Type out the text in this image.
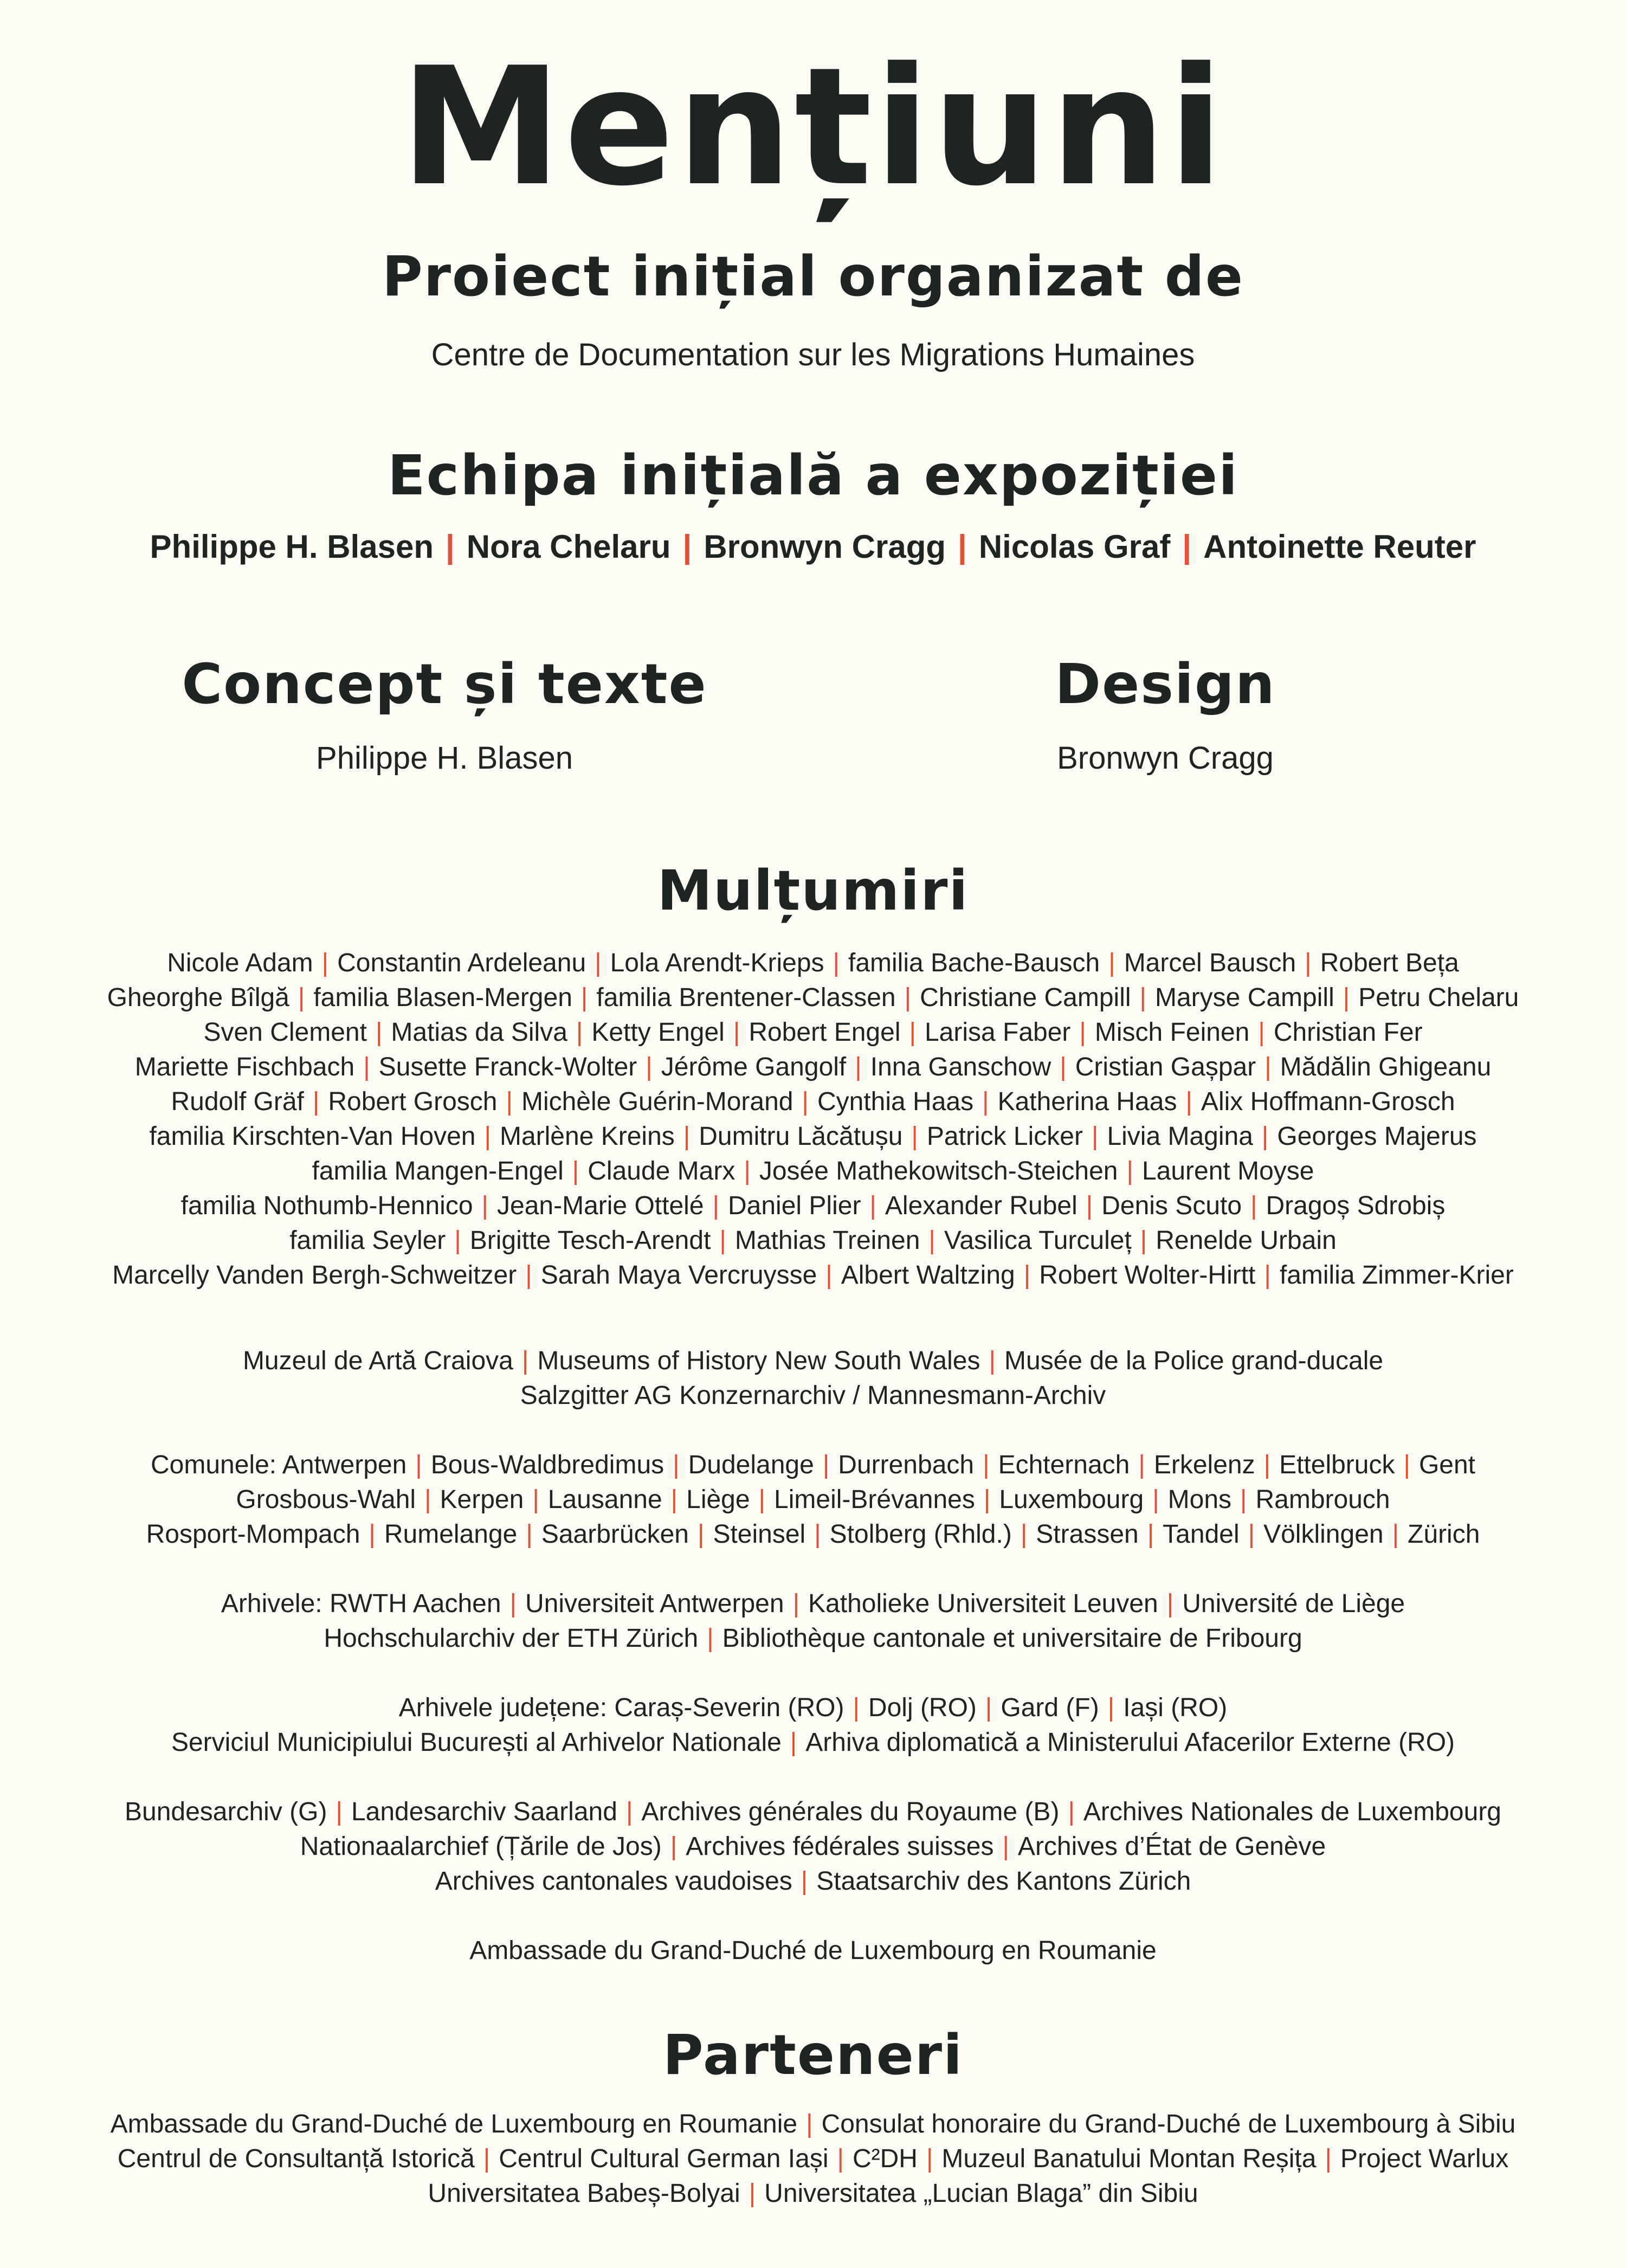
Mențiuni
Proiect inițial organizat de
Centre de Documentation sur les Migrations Humaines
Echipa inițială a expoziției
Philippe H. Blasen | Nora Chelaru | Bronwyn Cragg | Nicolas Graf | Antoinette Reuter
Concept și texte
Philippe H. Blasen
Design
Bronwyn Cragg
Mulțumiri
Nicole Adam | Constantin Ardeleanu | Lola Arendt-Krieps | familia Bache-Bausch | Marcel Bausch | Robert Bețа
Gheorghe Bîlgă | familia Blasen-Mergen | familia Brentener-Classen | Christiane Campill | Maryse Campill | Petru Chelaru
Sven Clement | Matias da Silva | Ketty Engel | Robert Engel | Larisa Faber | Misch Feinen | Christian Fer
Mariette Fischbach | Susette Franck-Wolter | Jérôme Gangolf | Inna Ganschow | Cristian Gașpar | Mădălin Ghigeanu
Rudolf Gräf | Robert Grosch | Michèle Guérin-Morand | Cynthia Haas | Katherina Haas | Alix Hoffmann-Grosch
familia Kirschten-Van Hoven | Marlène Kreins | Dumitru Lăcătușu | Patrick Licker | Livia Magina | Georges Majerus
familia Mangen-Engel | Claude Marx | Josée Mathekowitsch-Steichen | Laurent Moyse
familia Nothumb-Hennico | Jean-Marie Ottelé | Daniel Plier | Alexander Rubel | Denis Scuto | Dragoș Sdrobiș
familia Seyler | Brigitte Tesch-Arendt | Mathias Treinen | Vasilica Turculeț | Renelde Urbain
Marcelly Vanden Bergh-Schweitzer | Sarah Maya Vercruysse | Albert Waltzing | Robert Wolter-Hirtt | familia Zimmer-Krier
Muzeul de Artă Craiova | Museums of History New South Wales | Musée de la Police grand-ducale
Salzgitter AG Konzernarchiv / Mannesmann-Archiv
Comunele: Antwerpen | Bous-Waldbredimus | Dudelange | Durrenbach | Echternach | Erkelenz | Ettelbruck | Gent
Grosbous-Wahl | Kerpen | Lausanne | Liège | Limeil-Brévannes | Luxembourg | Mons | Rambrouch
Rosport-Mompach | Rumelange | Saarbrücken | Steinsel | Stolberg (Rhld.) | Strassen | Tandel | Völklingen | Zürich
Arhivele: RWTH Aachen | Universiteit Antwerpen | Katholieke Universiteit Leuven | Université de Liège
Hochschularchiv der ETH Zürich | Bibliothèque cantonale et universitaire de Fribourg
Arhivele județene: Caraș-Severin (RO) | Dolj (RO) | Gard (F) | Iași (RO)
Serviciul Municipiului București al Arhivelor Nationale | Arhiva diplomatică a Ministerului Afacerilor Externe (RO)
Bundesarchiv (G) | Landesarchiv Saarland | Archives générales du Royaume (B) | Archives Nationales de Luxembourg
Nationaalarchief (Țările de Jos) | Archives fédérales suisses | Archives d’État de Genève
Archives cantonales vaudoises | Staatsarchiv des Kantons Zürich
Ambassade du Grand-Duché de Luxembourg en Roumanie
Parteneri
Ambassade du Grand-Duché de Luxembourg en Roumanie | Consulat honoraire du Grand-Duché de Luxembourg à Sibiu
Centrul de Consultanță Istorică | Centrul Cultural German Iași | C²DH | Muzeul Banatului Montan Reșița | Project Warlux
Universitatea Babeș-Bolyai | Universitatea „Lucian Blaga” din Sibiu
